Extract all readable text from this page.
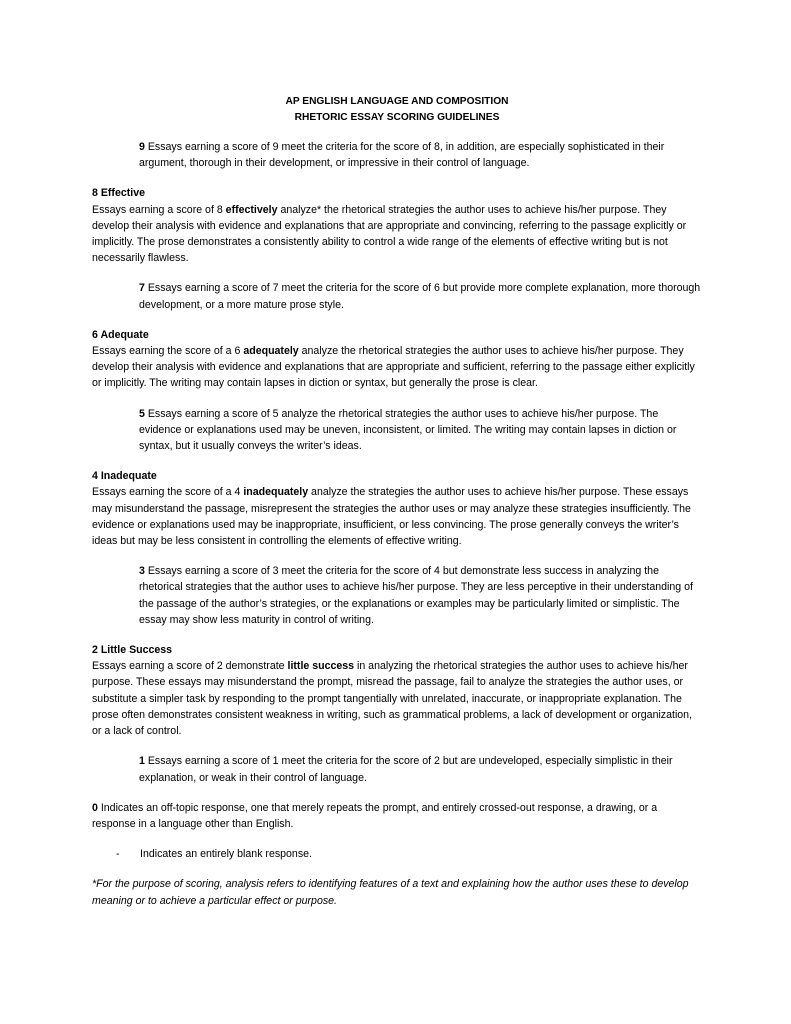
AP ENGLISH LANGUAGE AND COMPOSITION
RHETORIC ESSAY SCORING GUIDELINES

9 Essays earning a score of 9 meet the criteria for the score of 8, in addition, are especially sophisticated in their argument, thorough in their development, or impressive in their control of language.

8 Effective

Essays earning a score of 8 effectively analyze* the rhetorical strategies the author uses to achieve his/her purpose. They develop their analysis with evidence and explanations that are appropriate and convincing, referring to the passage explicitly or implicitly. The prose demonstrates a consistently ability to control a wide range of the elements of effective writing but is not necessarily flawless.

7 Essays earning a score of 7 meet the criteria for the score of 6 but provide more complete explanation, more thorough development, or a more mature prose style.

6 Adequate

Essays earning the score of a 6 adequately analyze the rhetorical strategies the author uses to achieve his/her purpose. They develop their analysis with evidence and explanations that are appropriate and sufficient, referring to the passage either explicitly or implicitly. The writing may contain lapses in diction or syntax, but generally the prose is clear.

5 Essays earning a score of 5 analyze the rhetorical strategies the author uses to achieve his/her purpose. The evidence or explanations used may be uneven, inconsistent, or limited. The writing may contain lapses in diction or syntax, but it usually conveys the writer’s ideas.

4 Inadequate

Essays earning the score of a 4 inadequately analyze the strategies the author uses to achieve his/her purpose. These essays may misunderstand the passage, misrepresent the strategies the author uses or may analyze these strategies insufficiently. The evidence or explanations used may be inappropriate, insufficient, or less convincing. The prose generally conveys the writer’s ideas but may be less consistent in controlling the elements of effective writing.

3 Essays earning a score of 3 meet the criteria for the score of 4 but demonstrate less success in analyzing the rhetorical strategies that the author uses to achieve his/her purpose. They are less perceptive in their understanding of the passage of the author’s strategies, or the explanations or examples may be particularly limited or simplistic. The essay may show less maturity in control of writing.

2 Little Success

Essays earning a score of 2 demonstrate little success in analyzing the rhetorical strategies the author uses to achieve his/her purpose. These essays may misunderstand the prompt, misread the passage, fail to analyze the strategies the author uses, or substitute a simpler task by responding to the prompt tangentially with unrelated, inaccurate, or inappropriate explanation. The prose often demonstrates consistent weakness in writing, such as grammatical problems, a lack of development or organization, or a lack of control.

1 Essays earning a score of 1 meet the criteria for the score of 2 but are undeveloped, especially simplistic in their explanation, or weak in their control of language.

0 Indicates an off-topic response, one that merely repeats the prompt, and entirely crossed-out response, a drawing, or a response in a language other than English.

-	Indicates an entirely blank response.

*For the purpose of scoring, analysis refers to identifying features of a text and explaining how the author uses these to develop meaning or to achieve a particular effect or purpose.
